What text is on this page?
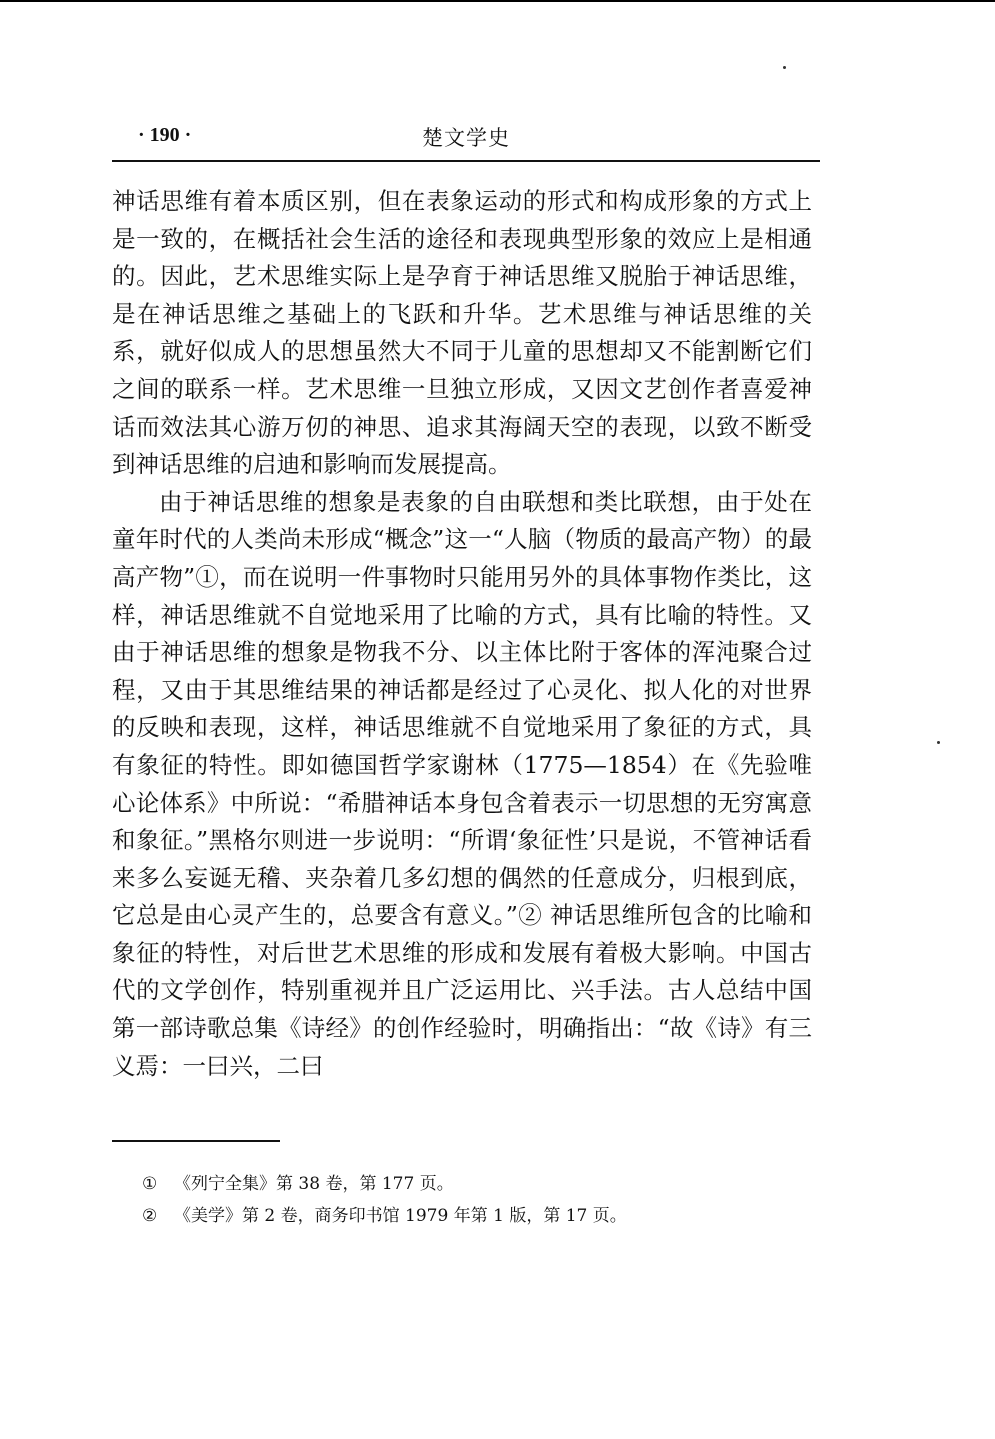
· 190 ·	楚文学史

神话思维有着本质区别，但在表象运动的形式和构成形象的方式上是一致的，在概括社会生活的途径和表现典型形象的效应上是相通的。因此，艺术思维实际上是孕育于神话思维又脱胎于神话思维，是在神话思维之基础上的飞跃和升华。艺术思维与神话思维的关系，就好似成人的思想虽然大不同于儿童的思想却又不能割断它们之间的联系一样。艺术思维一旦独立形成，又因文艺创作者喜爱神话而效法其心游万仞的神思、追求其海阔天空的表现，以致不断受到神话思维的启迪和影响而发展提高。

由于神话思维的想象是表象的自由联想和类比联想，由于处在童年时代的人类尚未形成“概念”这一“人脑（物质的最高产物）的最高产物”①，而在说明一件事物时只能用另外的具体事物作类比，这样，神话思维就不自觉地采用了比喻的方式，具有比喻的特性。又由于神话思维的想象是物我不分、以主体比附于客体的浑沌聚合过程，又由于其思维结果的神话都是经过了心灵化、拟人化的对世界的反映和表现，这样，神话思维就不自觉地采用了象征的方式，具有象征的特性。即如德国哲学家谢林（1775—1854）在《先验唯心论体系》中所说：“希腊神话本身包含着表示一切思想的无穷寓意和象征。”黑格尔则进一步说明：“所谓‘象征性’只是说，不管神话看来多么妄诞无稽、夹杂着几多幻想的偶然的任意成分，归根到底，它总是由心灵产生的，总要含有意义。”② 神话思维所包含的比喻和象征的特性，对后世艺术思维的形成和发展有着极大影响。中国古代的文学创作，特别重视并且广泛运用比、兴手法。古人总结中国第一部诗歌总集《诗经》的创作经验时，明确指出：“故《诗》有三义焉：一曰兴，二曰

① 《列宁全集》第 38 卷，第 177 页。

② 《美学》第 2 卷，商务印书馆 1979 年第 1 版，第 17 页。
